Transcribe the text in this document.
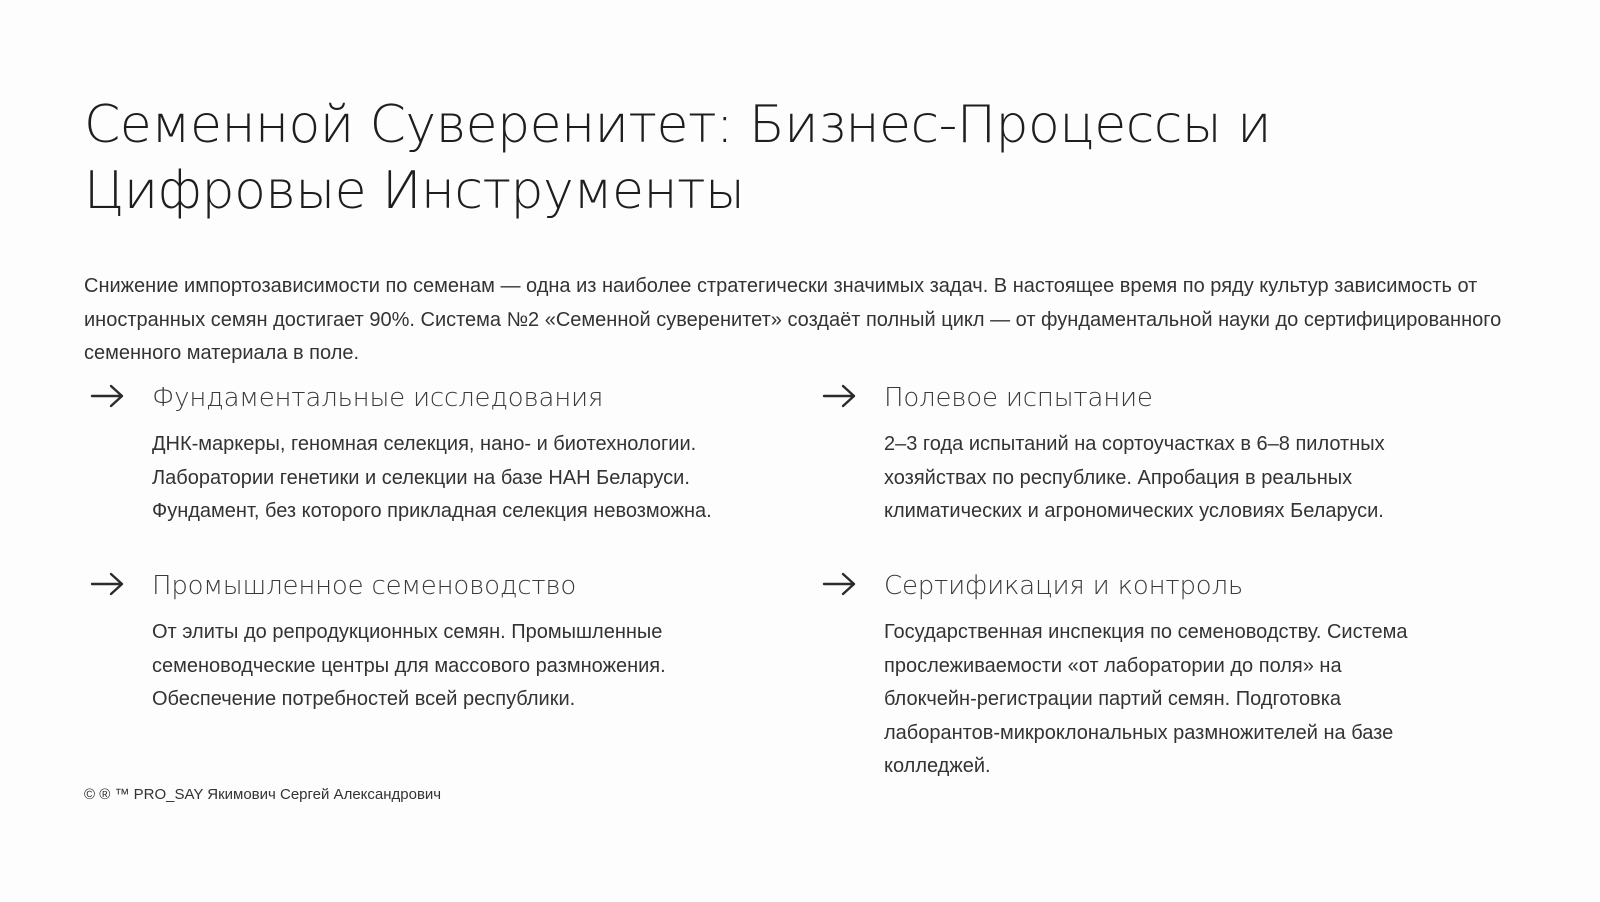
Семенной Суверенитет: Бизнес-Процессы и Цифровые Инструменты

Снижение импортозависимости по семенам — одна из наиболее стратегически значимых задач. В настоящее время по ряду культур зависимость от иностранных семян достигает 90%. Система №2 «Семенной суверенитет» создаёт полный цикл — от фундаментальной науки до сертифицированного семенного материала в поле.

Фундаментальные исследования

ДНК-маркеры, геномная селекция, нано- и биотехнологии. Лаборатории генетики и селекции на базе НАН Беларуси. Фундамент, без которого прикладная селекция невозможна.

Полевое испытание

2–3 года испытаний на сортоучастках в 6–8 пилотных хозяйствах по республике. Апробация в реальных климатических и агрономических условиях Беларуси.

Промышленное семеноводство

От элиты до репродукционных семян. Промышленные семеноводческие центры для массового размножения. Обеспечение потребностей всей республики.

Сертификация и контроль

Государственная инспекция по семеноводству. Система прослеживаемости «от лаборатории до поля» на блокчейн-регистрации партий семян. Подготовка лаборантов-микроклональных размножителей на базе колледжей.

© ® ™ PRO_SAY Якимович Сергей Александрович
